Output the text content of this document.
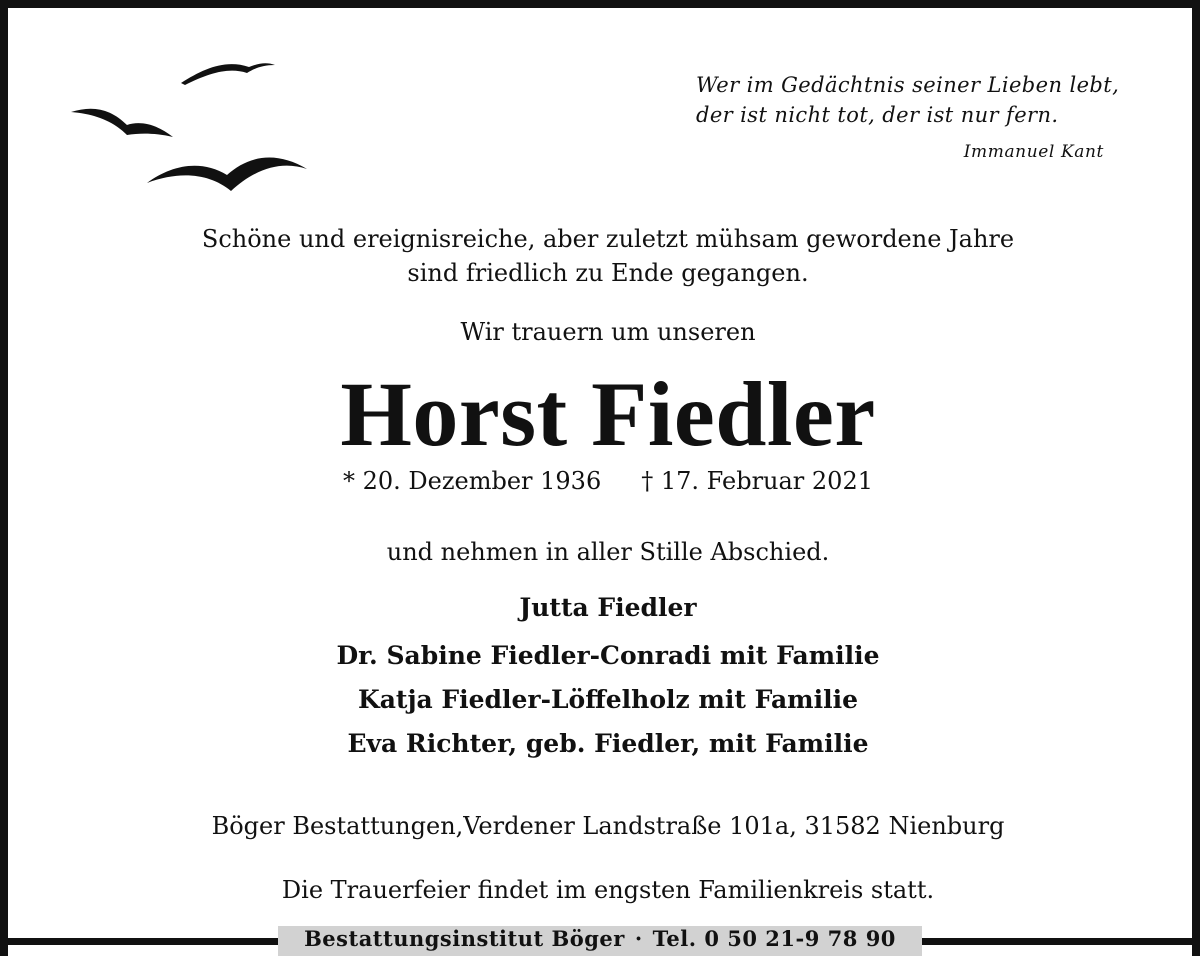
Wer im Gedächtnis seiner Lieben lebt,
der ist nicht tot, der ist nur fern.
Immanuel Kant
Schöne und ereignisreiche, aber zuletzt mühsam gewordene Jahre
sind friedlich zu Ende gegangen.
Wir trauern um unseren
Horst Fiedler
* 20. Dezember 1936 † 17. Februar 2021
und nehmen in aller Stille Abschied.
Jutta Fiedler
Dr. Sabine Fiedler-Conradi mit Familie
Katja Fiedler-Löffelholz mit Familie
Eva Richter, geb. Fiedler, mit Familie
Böger Bestattungen,Verdener Landstraße 101a, 31582 Nienburg
Die Trauerfeier findet im engsten Familienkreis statt.
Bestattungsinstitut Böger · Tel. 0 50 21-9 78 90
